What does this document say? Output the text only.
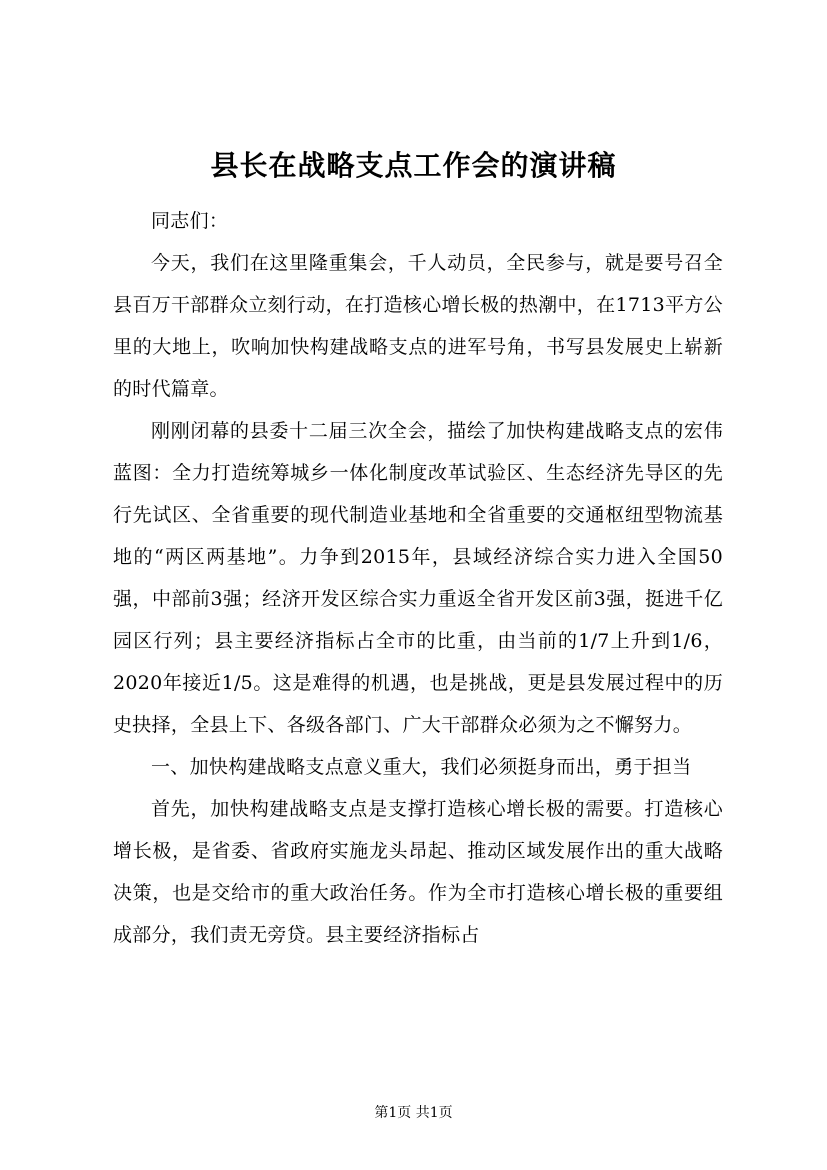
县长在战略支点工作会的演讲稿

同志们：

今天，我们在这里隆重集会，千人动员，全民参与，就是要号召全县百万干部群众立刻行动，在打造核心增长极的热潮中，在1713平方公里的大地上，吹响加快构建战略支点的进军号角，书写县发展史上崭新的时代篇章。

刚刚闭幕的县委十二届三次全会，描绘了加快构建战略支点的宏伟蓝图：全力打造统筹城乡一体化制度改革试验区、生态经济先导区的先行先试区、全省重要的现代制造业基地和全省重要的交通枢纽型物流基地的“两区两基地”。力争到2015年，县域经济综合实力进入全国50强，中部前3强；经济开发区综合实力重返全省开发区前3强，挺进千亿园区行列；县主要经济指标占全市的比重，由当前的1/7上升到1/6，2020年接近1/5。这是难得的机遇，也是挑战，更是县发展过程中的历史抉择，全县上下、各级各部门、广大干部群众必须为之不懈努力。

一、加快构建战略支点意义重大，我们必须挺身而出，勇于担当

首先，加快构建战略支点是支撑打造核心增长极的需要。打造核心增长极，是省委、省政府实施龙头昂起、推动区域发展作出的重大战略决策，也是交给市的重大政治任务。作为全市打造核心增长极的重要组成部分，我们责无旁贷。县主要经济指标占

第1页 共1页
